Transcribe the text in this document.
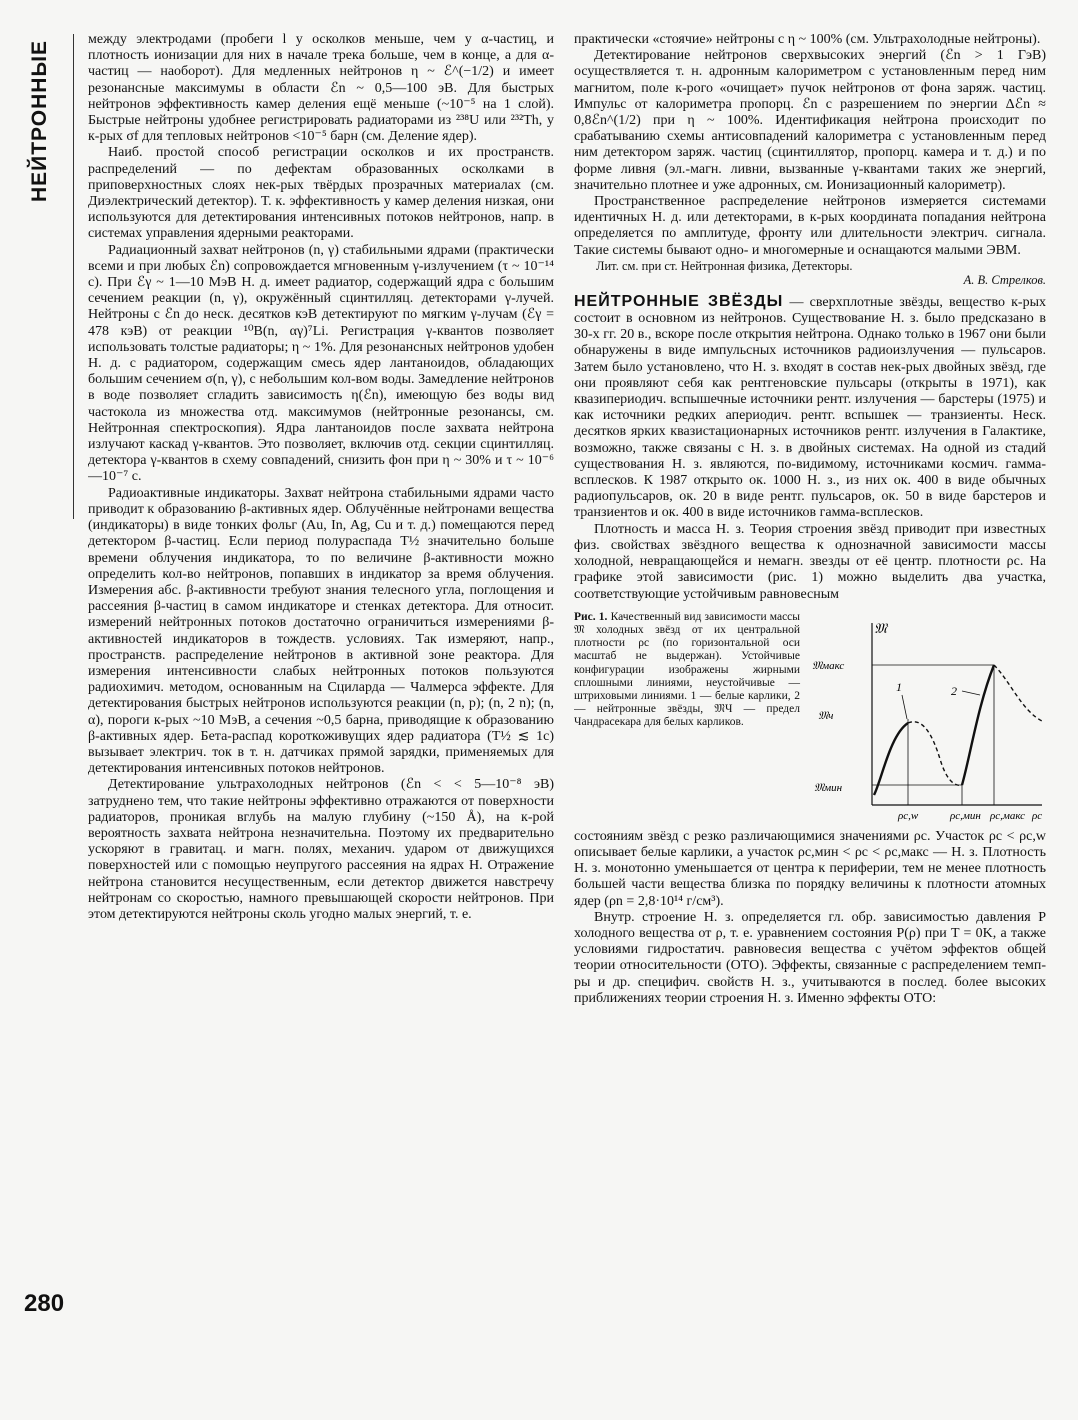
НЕЙТРОННЫЕ
280

между электродами (пробеги l у осколков меньше, чем у α-частиц, и плотность ионизации для них в начале трека больше, чем в конце, а для α-частиц — наоборот). Для медленных нейтронов η ~ ℰ^(−1/2) и имеет резонансные максимумы в области ℰn ~ 0,5—100 эВ. Для быстрых нейтронов эффективность камер деления ещё меньше (~10⁻⁵ на 1 слой). Быстрые нейтроны удобнее регистрировать радиаторами из ²³⁸U или ²³²Th, у к-рых σf для тепловых нейтронов <10⁻⁵ барн (см. Деление ядер).

Наиб. простой способ регистрации осколков и их пространств. распределений — по дефектам образованных осколками в приповерхностных слоях нек-рых твёрдых прозрачных материалах (см. Диэлектрический детектор). Т. к. эффективность у камер деления низкая, они используются для детектирования интенсивных потоков нейтронов, напр. в системах управления ядерными реакторами.

Радиационный захват нейтронов (n, γ) стабильными ядрами (практически всеми и при любых ℰn) сопровождается мгновенным γ-излучением (τ ~ 10⁻¹⁴ с). При ℰγ ~ 1—10 МэВ Н. д. имеет радиатор, содержащий ядра с большим сечением реакции (n, γ), окружённый сцинтилляц. детекторами γ-лучей. Нейтроны с ℰn до неск. десятков кэВ детектируют по мягким γ-лучам (ℰγ = 478 кэВ) от реакции ¹⁰B(n, αγ)⁷Li. Регистрация γ-квантов позволяет использовать толстые радиаторы; η ~ 1%. Для резонансных нейтронов удобен Н. д. с радиатором, содержащим смесь ядер лантаноидов, обладающих большим сечением σ(n, γ), с небольшим кол-вом воды. Замедление нейтронов в воде позволяет сгладить зависимость η(ℰn), имеющую без воды вид частокола из множества отд. максимумов (нейтронные резонансы, см. Нейтронная спектроскопия). Ядра лантаноидов после захвата нейтрона излучают каскад γ-квантов. Это позволяет, включив отд. секции сцинтилляц. детектора γ-квантов в схему совпадений, снизить фон при η ~ 30% и τ ~ 10⁻⁶—10⁻⁷ с.

Радиоактивные индикаторы. Захват нейтрона стабильными ядрами часто приводит к образованию β-активных ядер. Облучённые нейтронами вещества (индикаторы) в виде тонких фольг (Au, In, Ag, Cu и т. д.) помещаются перед детектором β-частиц. Если период полураспада T½ значительно больше времени облучения индикатора, то по величине β-активности можно определить кол-во нейтронов, попавших в индикатор за время облучения. Измерения абс. β-активности требуют знания телесного угла, поглощения и рассеяния β-частиц в самом индикаторе и стенках детектора. Для относит. измерений нейтронных потоков достаточно ограничиться измерениями β-активностей индикаторов в тождеств. условиях. Так измеряют, напр., пространств. распределение нейтронов в активной зоне реактора. Для измерения интенсивности слабых нейтронных потоков пользуются радиохимич. методом, основанным на Сциларда — Чалмерса эффекте. Для детектирования быстрых нейтронов используются реакции (n, p); (n, 2 n); (n, α), пороги к-рых ~10 МэВ, а сечения ~0,5 барна, приводящие к образованию β-активных ядер. Бета-распад короткоживущих ядер радиатора (T½ ≲ 1с) вызывает электрич. ток в т. н. датчиках прямой зарядки, применяемых для детектирования интенсивных потоков нейтронов.

Детектирование ультрахолодных нейтронов (ℰn < < 5—10⁻⁸ эВ) затруднено тем, что такие нейтроны эффективно отражаются от поверхности радиаторов, проникая вглубь на малую глубину (~150 Å), на к-рой вероятность захвата нейтрона незначительна. Поэтому их предварительно ускоряют в гравитац. и магн. полях, механич. ударом от движущихся поверхностей или с помощью неупругого рассеяния на ядрах Н. Отражение нейтрона становится несущественным, если детектор движется навстречу нейтронам со скоростью, намного превышающей скорости нейтронов. При этом детектируются нейтроны сколь угодно малых энергий, т. е.

практически «стоячие» нейтроны с η ~ 100% (см. Ультрахолодные нейтроны).

Детектирование нейтронов сверхвысоких энергий (ℰn > 1 ГэВ) осуществляется т. н. адронным калориметром с установленным перед ним магнитом, поле к-рого «очищает» пучок нейтронов от фона заряж. частиц. Импульс от калориметра пропорц. ℰn с разрешением по энергии Δℰn ≈ 0,8ℰn^(1/2) при η ~ 100%. Идентификация нейтрона происходит по срабатыванию схемы антисовпадений калориметра с установленным перед ним детектором заряж. частиц (сцинтиллятор, пропорц. камера и т. д.) и по форме ливня (эл.-магн. ливни, вызванные γ-квантами таких же энергий, значительно плотнее и уже адронных, см. Ионизационный калориметр).

Пространственное распределение нейтронов измеряется системами идентичных Н. д. или детекторами, в к-рых координата попадания нейтрона определяется по амплитуде, фронту или длительности электрич. сигнала. Такие системы бывают одно- и многомерные и оснащаются малыми ЭВМ.

Лит. см. при ст. Нейтронная физика, Детекторы.

А. В. Стрелков.

НЕЙТРОННЫЕ ЗВЁЗДЫ — сверхплотные звёзды, вещество к-рых состоит в основном из нейтронов. Существование Н. з. было предсказано в 30-х гг. 20 в., вскоре после открытия нейтрона. Однако только в 1967 они были обнаружены в виде импульсных источников радиоизлучения — пульсаров. Затем было установлено, что Н. з. входят в состав нек-рых двойных звёзд, где они проявляют себя как рентгеновские пульсары (открыты в 1971), как квазипериодич. вспышечные источники рентг. излучения — барстеры (1975) и как источники редких апериодич. рентг. вспышек — транзиенты. Неск. десятков ярких квазистационарных источников рентг. излучения в Галактике, возможно, также связаны с Н. з. в двойных системах. На одной из стадий существования Н. з. являются, по-видимому, источниками космич. гамма-всплесков. К 1987 открыто ок. 1000 Н. з., из них ок. 400 в виде обычных радиопульсаров, ок. 20 в виде рентг. пульсаров, ок. 50 в виде барстеров и транзиентов и ок. 400 в виде источников гамма-всплесков.

Плотность и масса Н. з. Теория строения звёзд приводит при известных физ. свойствах звёздного вещества к однозначной зависимости массы холодной, невращающейся и немагн. звезды от её центр. плотности ρc. На графике этой зависимости (рис. 1) можно выделить два участка, соответствующие устойчивым равновесным

Рис. 1. Качественный вид зависимости массы 𝔐 холодных звёзд от их центральной плотности ρc (по горизонтальной оси масштаб не выдержан). Устойчивые конфигурации изображены жирными сплошными линиями, неустойчивые — штриховыми линиями. 1 — белые карлики, 2 — нейтронные звёзды, 𝔐Ч — предел Чандрасекара для белых карликов.
𝔐
𝔐макс
𝔐ч
𝔐мин
1	2
ρc,w	ρc,мин ρc,макс ρc

состояниям звёзд с резко различающимися значениями ρc. Участок ρc < ρc,w описывает белые карлики, а участок ρc,мин < ρc < ρc,макс — Н. з. Плотность Н. з. монотонно уменьшается от центра к периферии, тем не менее плотность большей части вещества близка по порядку величины к плотности атомных ядер (ρn = 2,8·10¹⁴ г/см³).

Внутр. строение Н. з. определяется гл. обр. зависимостью давления P холодного вещества от ρ, т. е. уравнением состояния P(ρ) при T = 0K, а также условиями гидростатич. равновесия вещества с учётом эффектов общей теории относительности (ОТО). Эффекты, связанные с распределением темп-ры и др. специфич. свойств Н. з., учитываются в послед. более высоких приближениях теории строения Н. з. Именно эффекты ОТО:
